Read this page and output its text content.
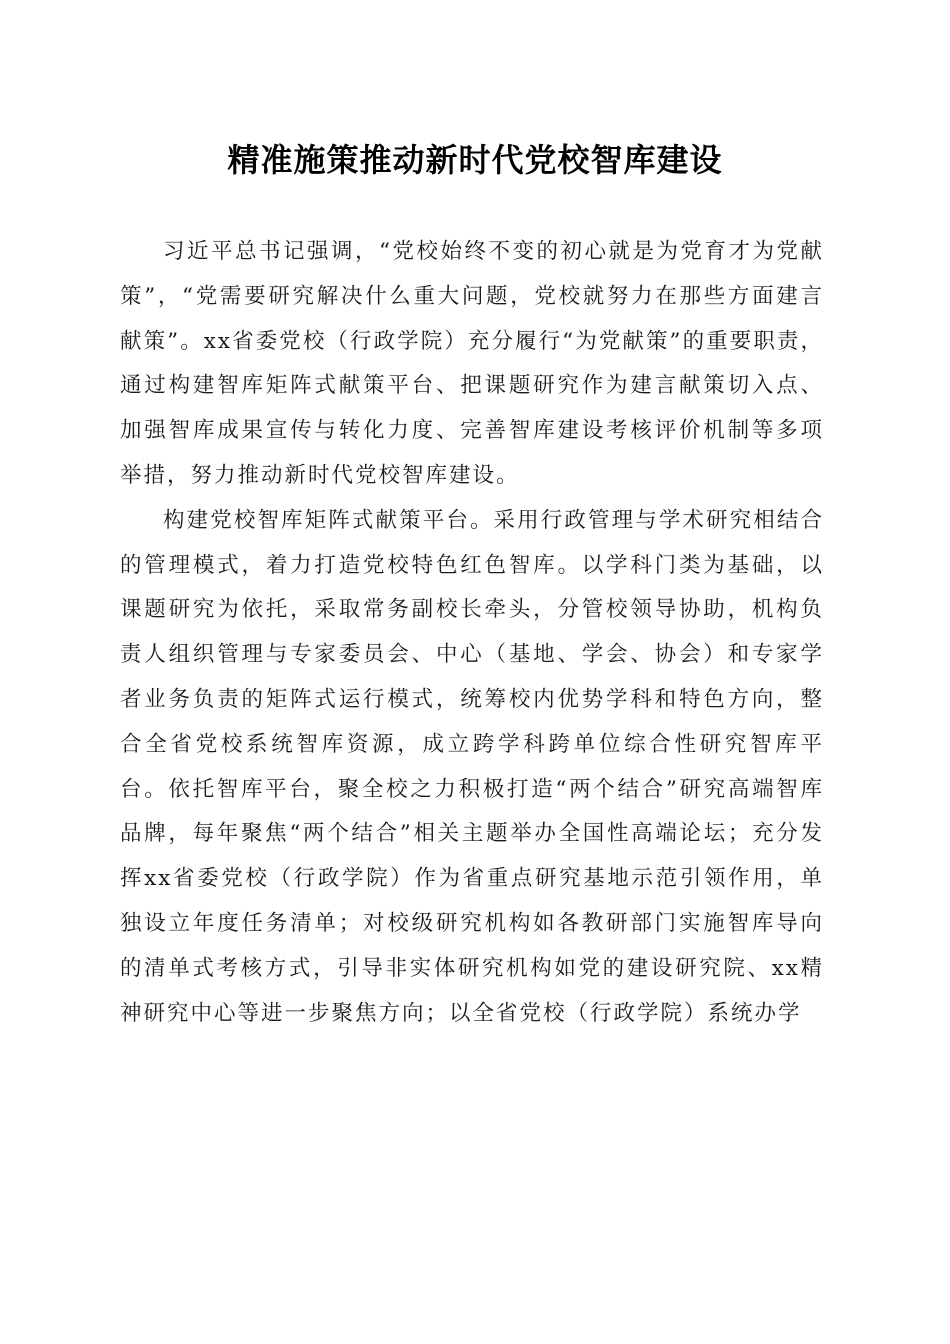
精准施策推动新时代党校智库建设

习近平总书记强调，“党校始终不变的初心就是为党育才为党献策”，“党需要研究解决什么重大问题，党校就努力在那些方面建言献策”。xx省委党校（行政学院）充分履行“为党献策”的重要职责，通过构建智库矩阵式献策平台、把课题研究作为建言献策切入点、加强智库成果宣传与转化力度、完善智库建设考核评价机制等多项举措，努力推动新时代党校智库建设。

构建党校智库矩阵式献策平台。采用行政管理与学术研究相结合的管理模式，着力打造党校特色红色智库。以学科门类为基础，以课题研究为依托，采取常务副校长牵头，分管校领导协助，机构负责人组织管理与专家委员会、中心（基地、学会、协会）和专家学者业务负责的矩阵式运行模式，统筹校内优势学科和特色方向，整合全省党校系统智库资源，成立跨学科跨单位综合性研究智库平台。依托智库平台，聚全校之力积极打造“两个结合”研究高端智库品牌，每年聚焦“两个结合”相关主题举办全国性高端论坛；充分发挥xx省委党校（行政学院）作为省重点研究基地示范引领作用，单独设立年度任务清单；对校级研究机构如各教研部门实施智库导向的清单式考核方式，引导非实体研究机构如党的建设研究院、xx精神研究中心等进一步聚焦方向；以全省党校（行政学院）系统办学
